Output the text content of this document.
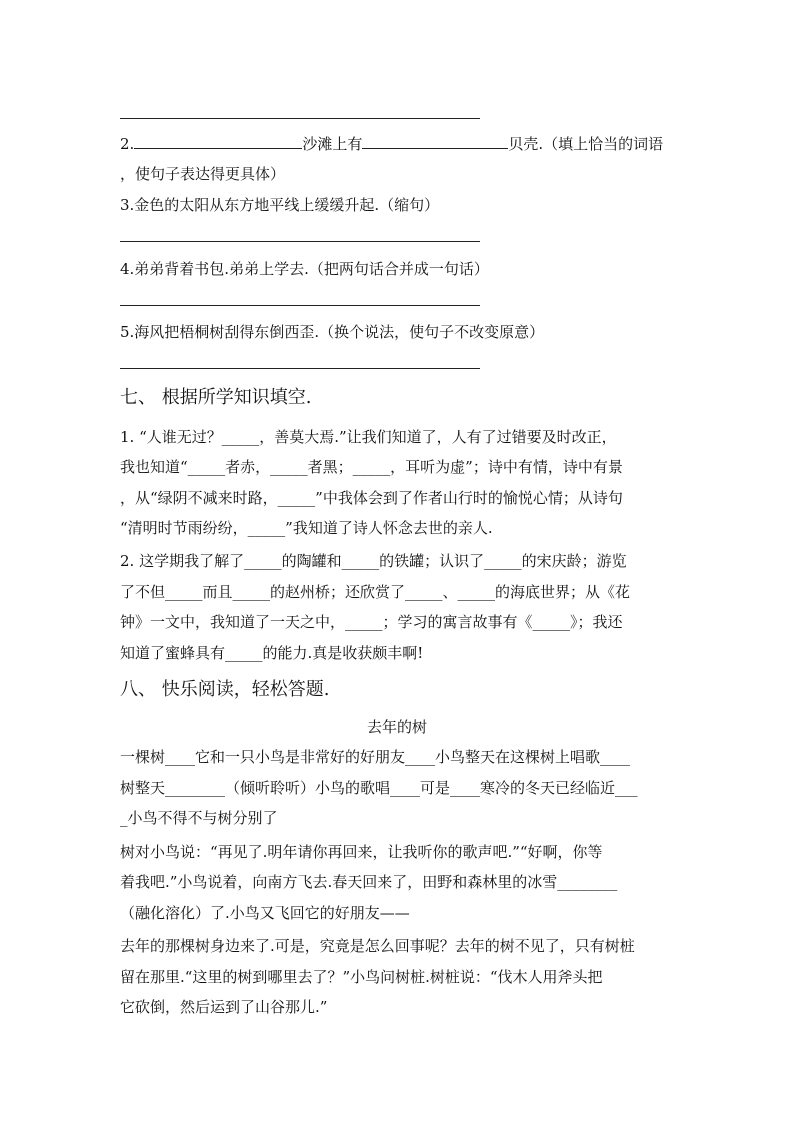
2.	沙滩上有	贝壳.（填上恰当的词语
，使句子表达得更具体）
3.金色的太阳从东方地平线上缓缓升起.（缩句）
4.弟弟背着书包.弟弟上学去.（把两句话合并成一句话）
5.海风把梧桐树刮得东倒西歪.（换个说法，使句子不改变原意）
七、 根据所学知识填空.
1. “人谁无过？_____，善莫大焉.”让我们知道了，人有了过错要及时改正，
我也知道“_____者赤，_____者黑；_____，耳听为虚”；诗中有情，诗中有景
，从“绿阴不减来时路，_____”中我体会到了作者山行时的愉悦心情；从诗句
“清明时节雨纷纷，_____”我知道了诗人怀念去世的亲人.
2. 这学期我了解了_____的陶罐和_____的铁罐；认识了_____的宋庆龄；游览
了不但_____而且_____的赵州桥；还欣赏了_____、_____的海底世界；从《花
钟》一文中，我知道了一天之中，_____；学习的寓言故事有《_____》；我还
知道了蜜蜂具有_____的能力.真是收获颇丰啊!
八、 快乐阅读，轻松答题.
去年的树
一棵树____它和一只小鸟是非常好的好朋友____小鸟整天在这棵树上唱歌____
树整天________（倾听聆听）小鸟的歌唱____可是____寒冷的冬天已经临近___
_小鸟不得不与树分别了
树对小鸟说：“再见了.明年请你再回来，让我听你的歌声吧.”“好啊，你等
着我吧.”小鸟说着，向南方飞去.春天回来了，田野和森林里的冰雪________
（融化溶化）了.小鸟又飞回它的好朋友——
去年的那棵树身边来了.可是，究竟是怎么回事呢？去年的树不见了，只有树桩
留在那里.“这里的树到哪里去了？”小鸟问树桩.树桩说：“伐木人用斧头把
它砍倒，然后运到了山谷那儿.”
